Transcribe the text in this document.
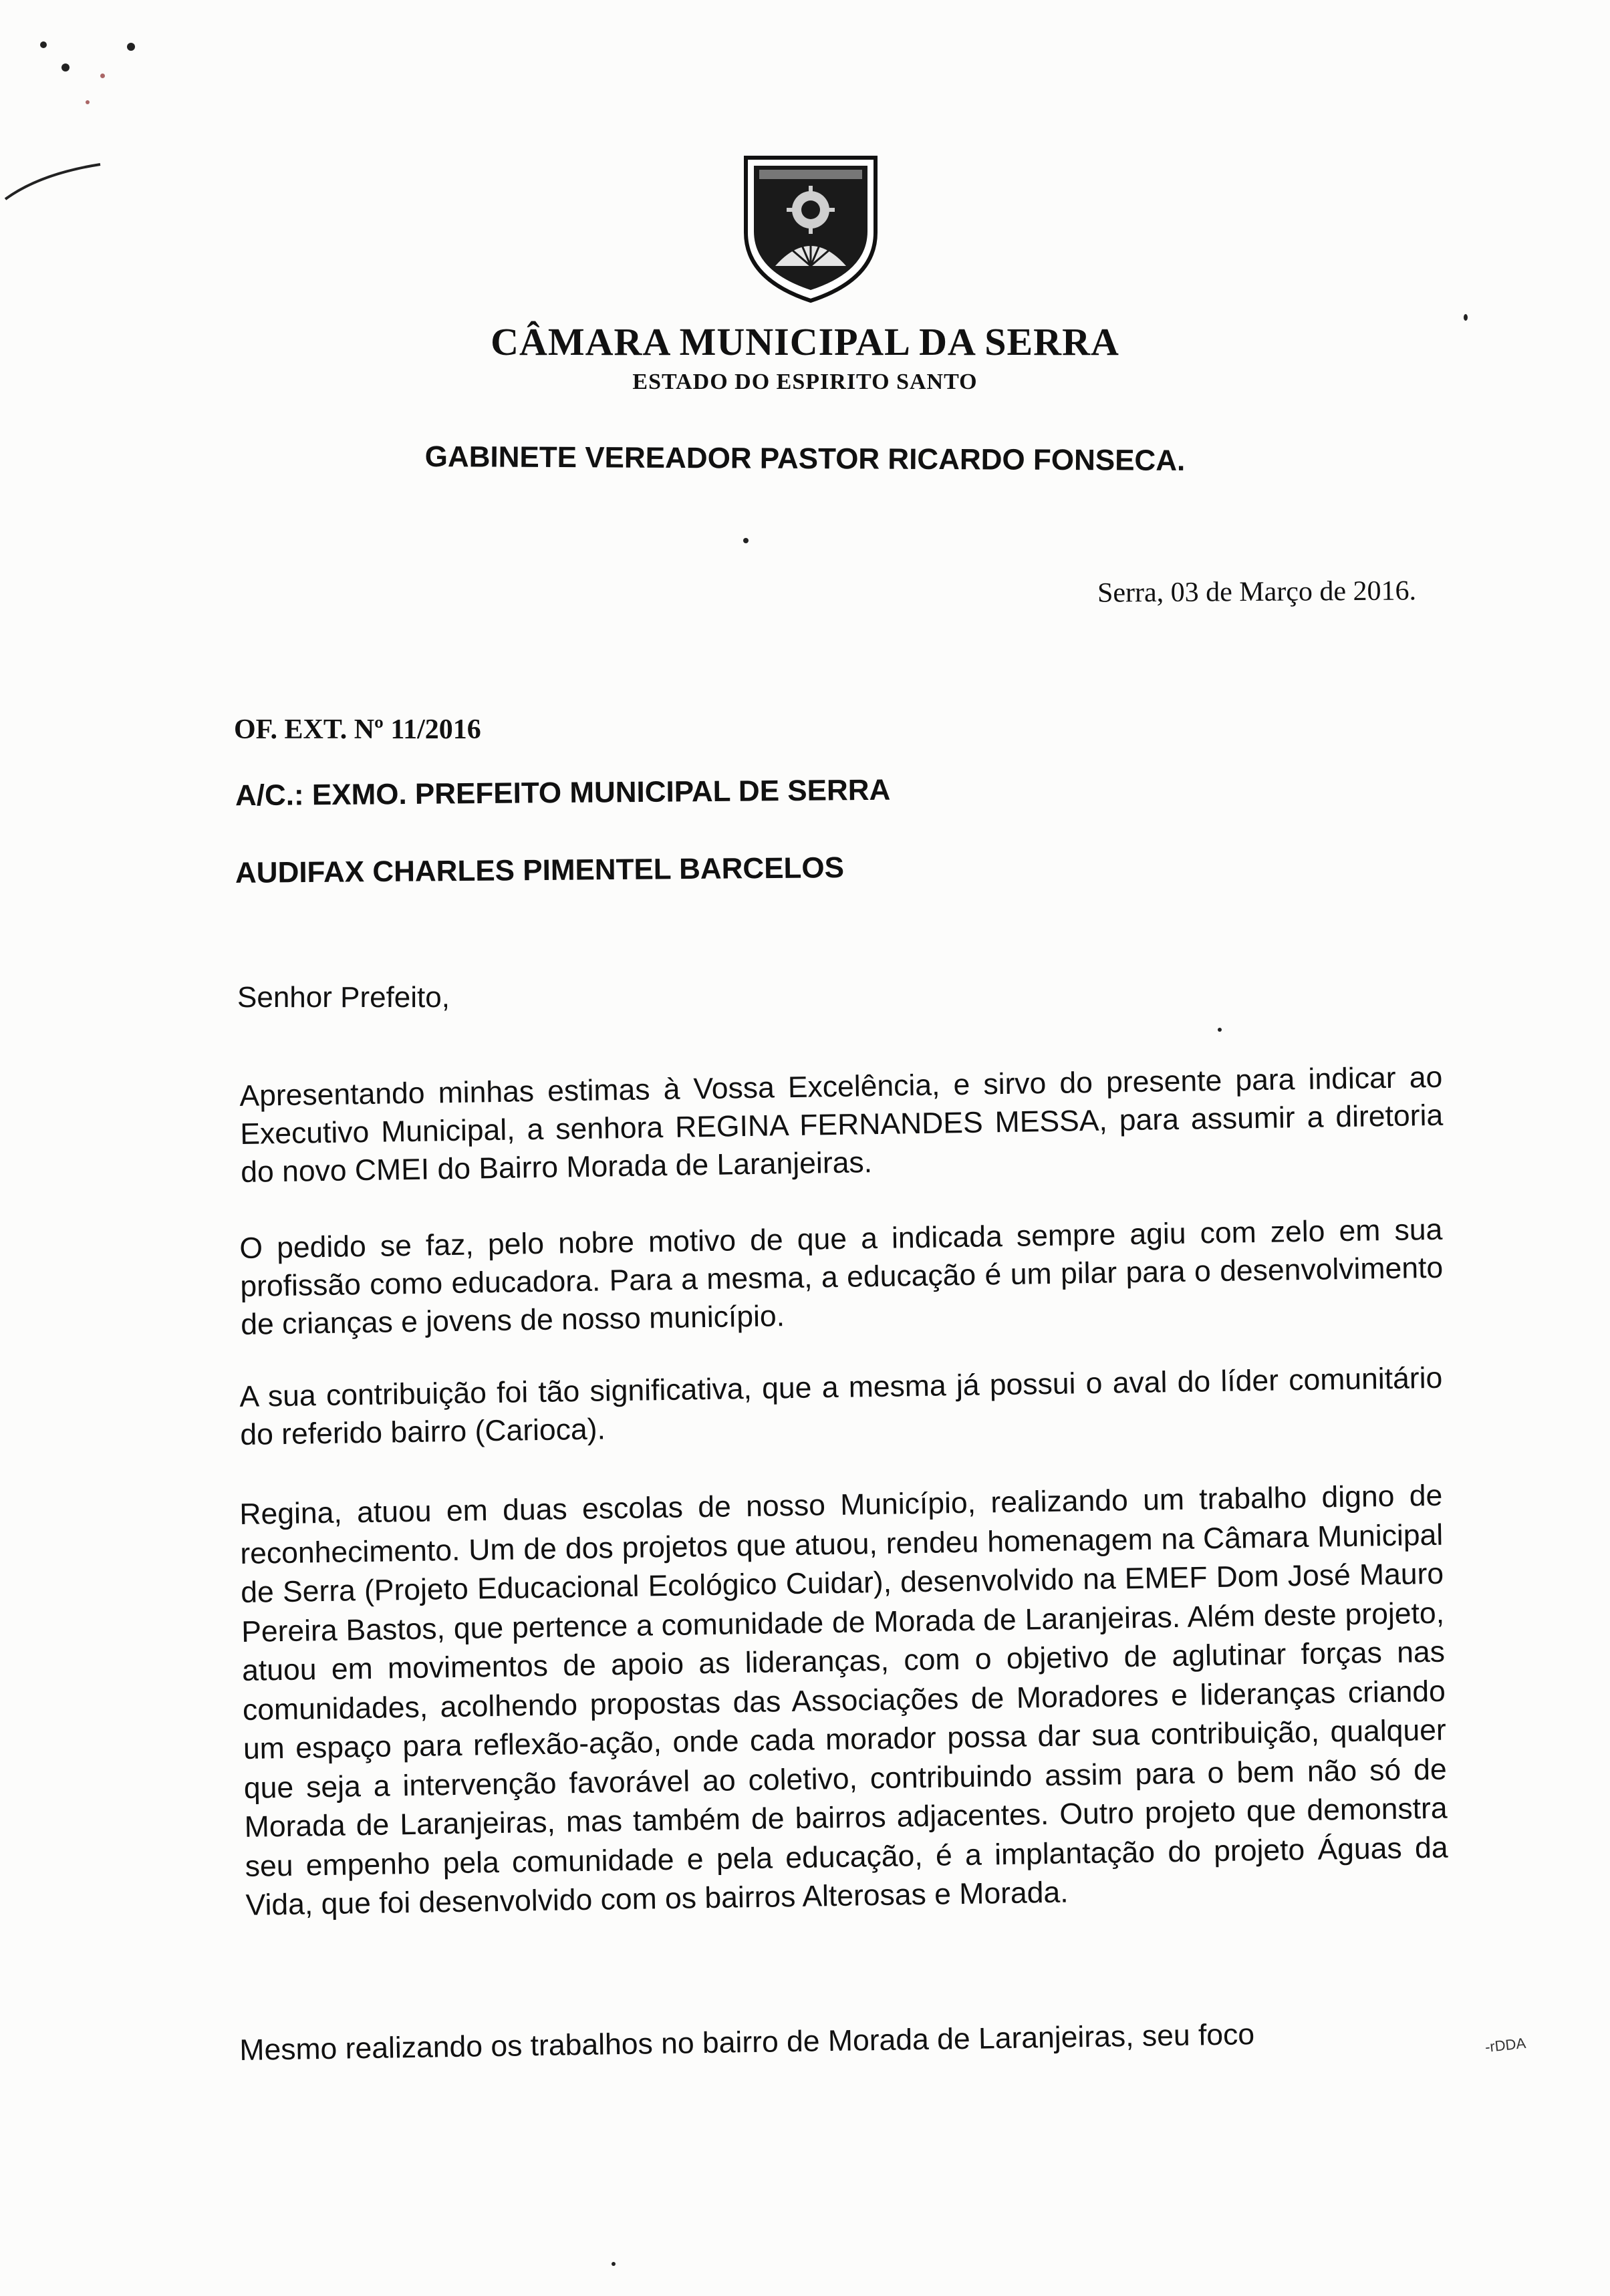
CÂMARA MUNICIPAL DA SERRA
ESTADO DO ESPIRITO SANTO
GABINETE VEREADOR PASTOR RICARDO FONSECA.
Serra, 03 de Março de 2016.
OF. EXT. Nº 11/2016
A/C.: EXMO. PREFEITO MUNICIPAL DE SERRA
AUDIFAX CHARLES PIMENTEL BARCELOS
Senhor Prefeito,
Apresentando minhas estimas à Vossa Excelência, e sirvo do presente para indicar ao Executivo Municipal, a senhora REGINA FERNANDES MESSA, para assumir a diretoria do novo CMEI do Bairro Morada de Laranjeiras.
O pedido se faz, pelo nobre motivo de que a indicada sempre agiu com zelo em sua profissão como educadora. Para a mesma, a educação é um pilar para o desenvolvimento de crianças e jovens de nosso município.
A sua contribuição foi tão significativa, que a mesma já possui o aval do líder comunitário do referido bairro (Carioca).
Regina, atuou em duas escolas de nosso Município, realizando um trabalho digno de reconhecimento. Um de dos projetos que atuou, rendeu homenagem na Câmara Municipal de Serra (Projeto Educacional Ecológico Cuidar), desenvolvido na EMEF Dom José Mauro Pereira Bastos, que pertence a comunidade de Morada de Laranjeiras. Além deste projeto, atuou em movimentos de apoio as lideranças, com o objetivo de aglutinar forças nas comunidades, acolhendo propostas das Associações de Moradores e lideranças criando um espaço para reflexão-ação, onde cada morador possa dar sua contribuição, qualquer que seja a intervenção favorável ao coletivo, contribuindo assim para o bem não só de Morada de Laranjeiras, mas também de bairros adjacentes. Outro projeto que demonstra seu empenho pela comunidade e pela educação, é a implantação do projeto Águas da Vida, que foi desenvolvido com os bairros Alterosas e Morada.
Mesmo realizando os trabalhos no bairro de Morada de Laranjeiras, seu foco	-rDDA
